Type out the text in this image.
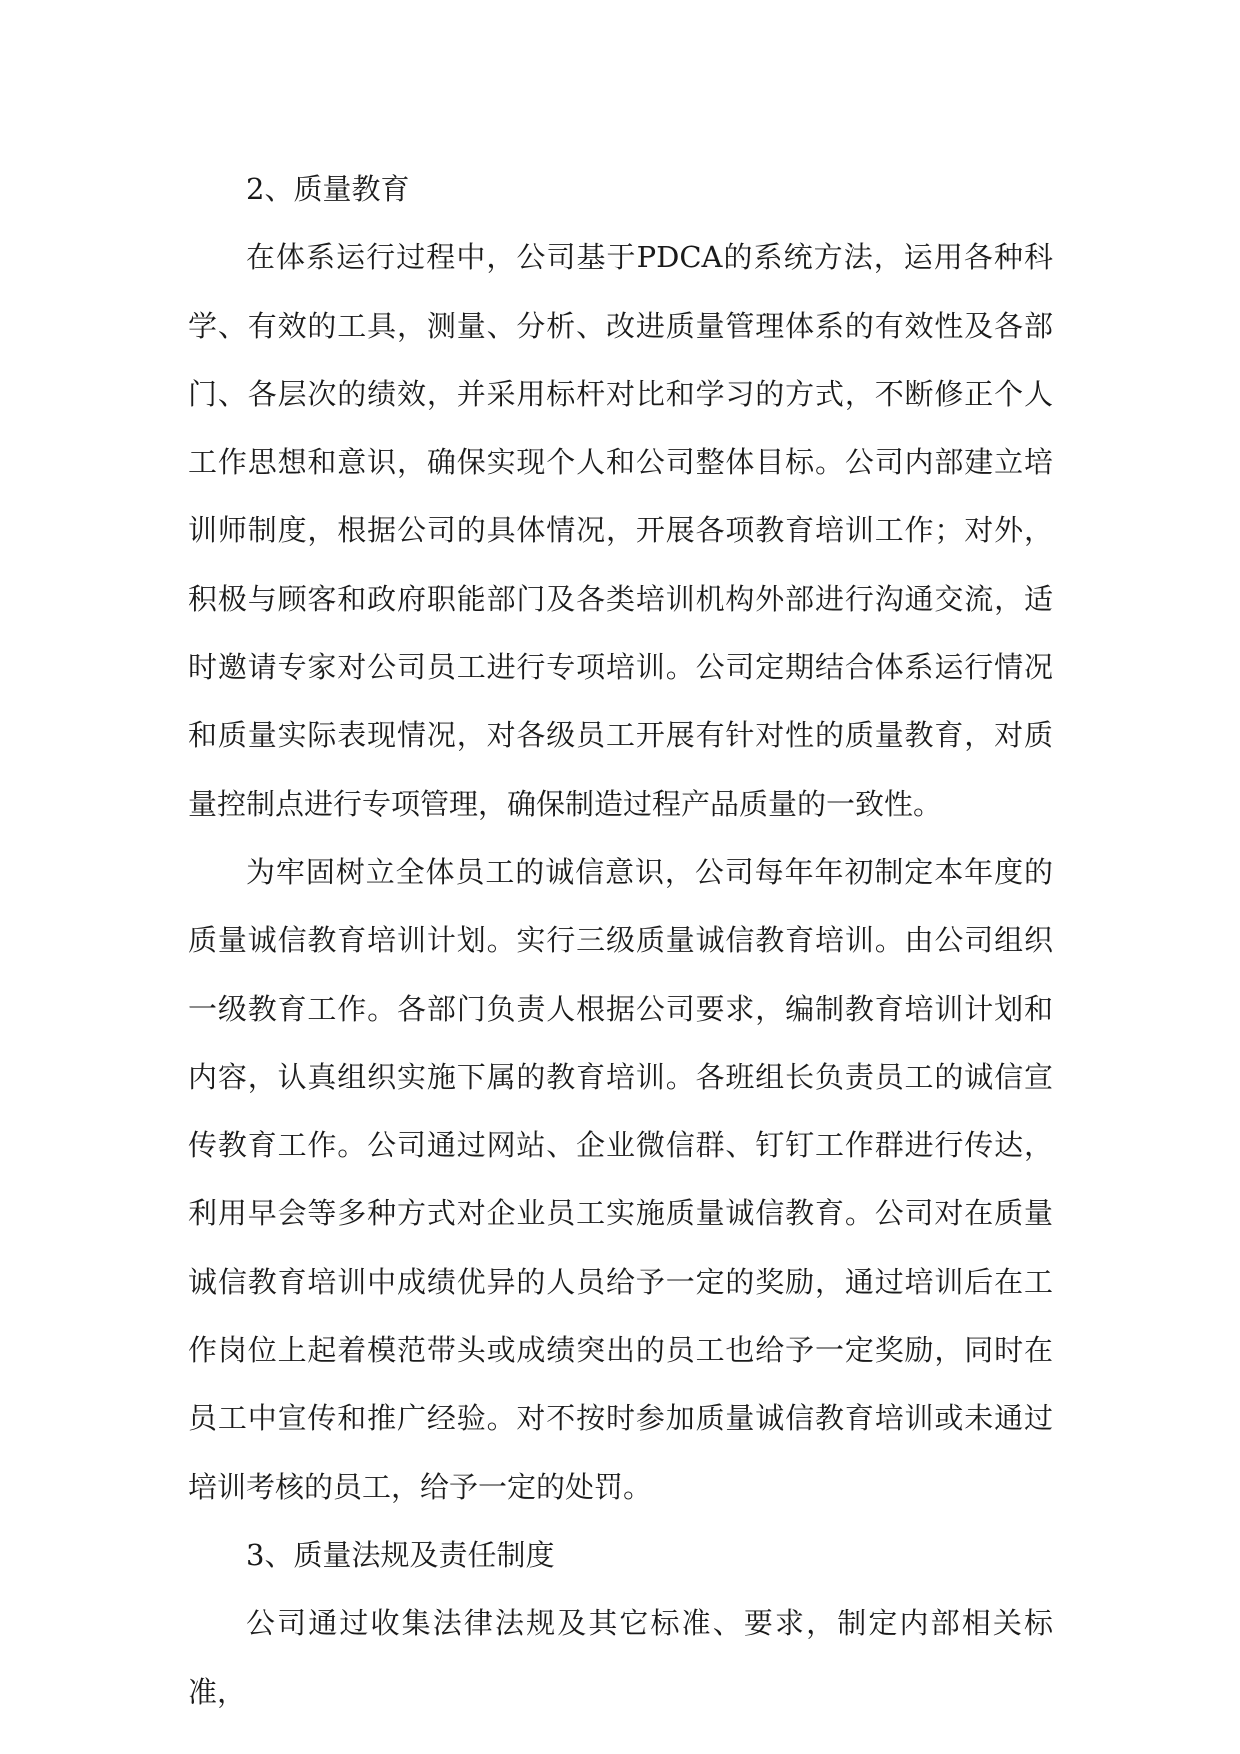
2、质量教育

在体系运行过程中，公司基于PDCA的系统方法，运用各种科学、有效的工具，测量、分析、改进质量管理体系的有效性及各部门、各层次的绩效，并采用标杆对比和学习的方式，不断修正个人工作思想和意识，确保实现个人和公司整体目标。公司内部建立培训师制度，根据公司的具体情况，开展各项教育培训工作；对外，积极与顾客和政府职能部门及各类培训机构外部进行沟通交流，适时邀请专家对公司员工进行专项培训。公司定期结合体系运行情况和质量实际表现情况，对各级员工开展有针对性的质量教育，对质量控制点进行专项管理，确保制造过程产品质量的一致性。

为牢固树立全体员工的诚信意识，公司每年年初制定本年度的质量诚信教育培训计划。实行三级质量诚信教育培训。由公司组织一级教育工作。各部门负责人根据公司要求，编制教育培训计划和内容，认真组织实施下属的教育培训。各班组长负责员工的诚信宣传教育工作。公司通过网站、企业微信群、钉钉工作群进行传达，利用早会等多种方式对企业员工实施质量诚信教育。公司对在质量诚信教育培训中成绩优异的人员给予一定的奖励，通过培训后在工作岗位上起着模范带头或成绩突出的员工也给予一定奖励，同时在员工中宣传和推广经验。对不按时参加质量诚信教育培训或未通过培训考核的员工，给予一定的处罚。

3、质量法规及责任制度

公司通过收集法律法规及其它标准、要求，制定内部相关标准，
